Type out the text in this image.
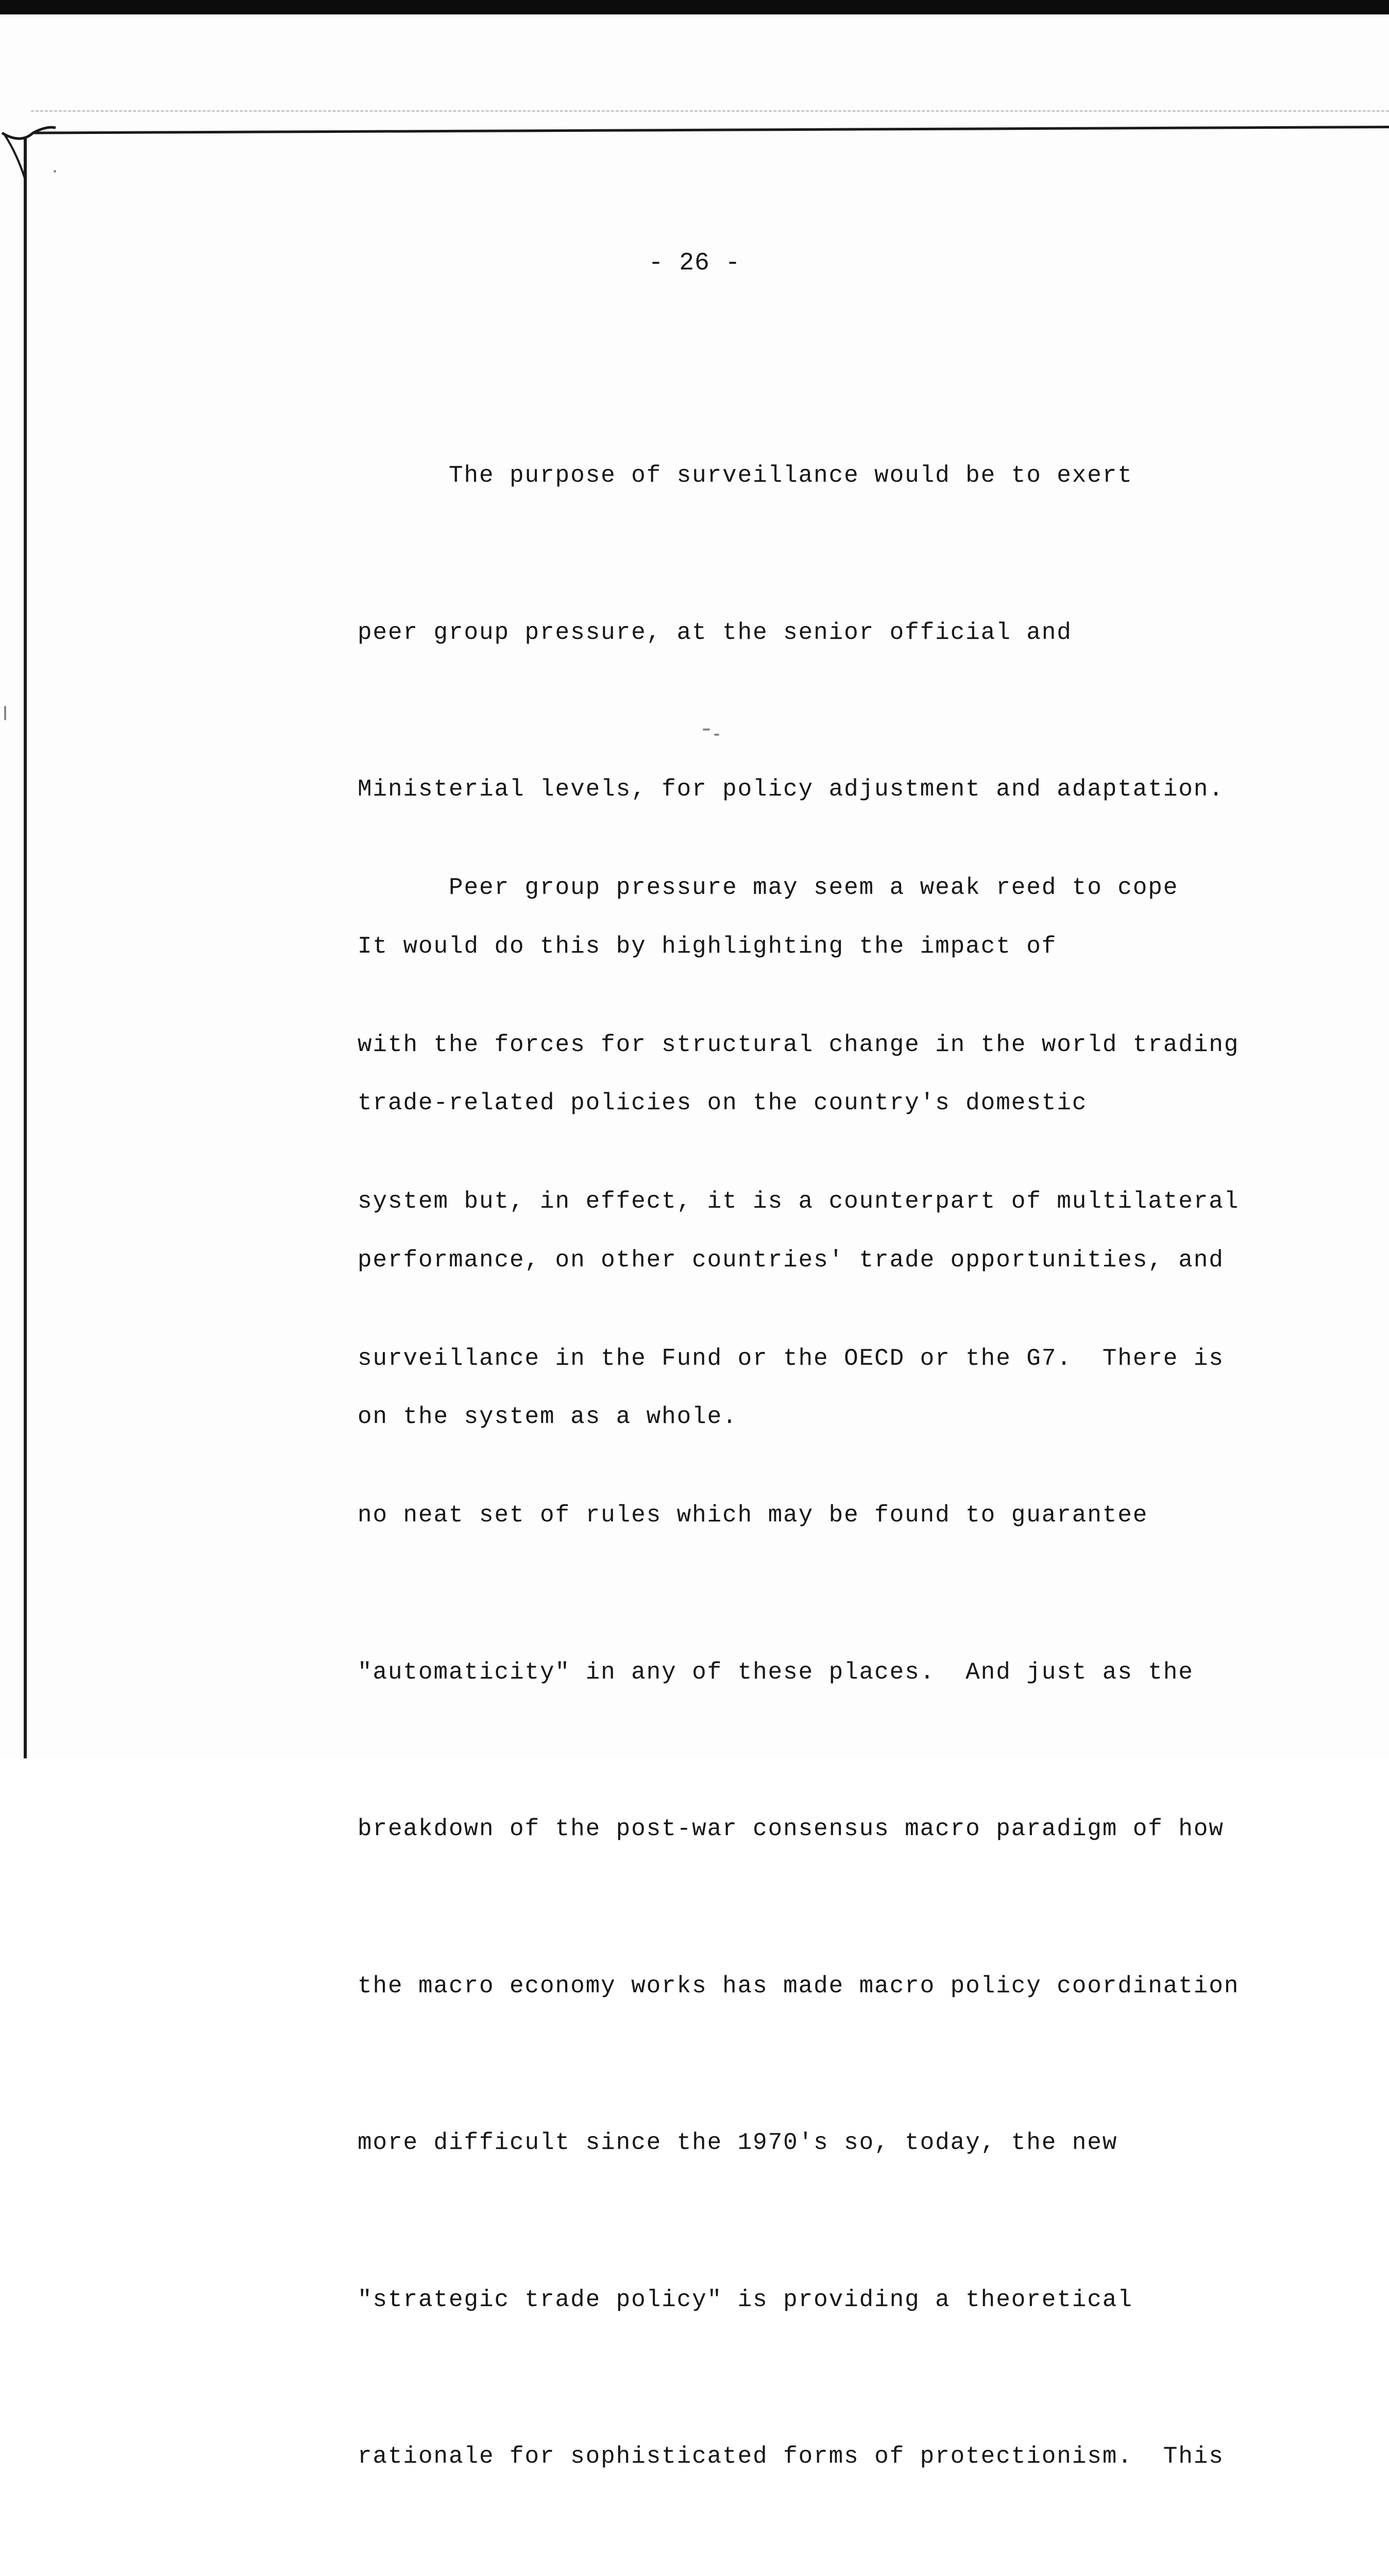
- 26 -

The purpose of surveillance would be to exert

peer group pressure, at the senior official and

Ministerial levels, for policy adjustment and adaptation.

It would do this by highlighting the impact of

trade-related policies on the country's domestic

performance, on other countries' trade opportunities, and

on the system as a whole.

Peer group pressure may seem a weak reed to cope

with the forces for structural change in the world trading

system but, in effect, it is a counterpart of multilateral

surveillance in the Fund or the OECD or the G7.  There is

no neat set of rules which may be found to guarantee

"automaticity" in any of these places.  And just as the

breakdown of the post-war consensus macro paradigm of how

the macro economy works has made macro policy coordination

more difficult since the 1970's so, today, the new

"strategic trade policy" is providing a theoretical

rationale for sophisticated forms of protectionism.  This
